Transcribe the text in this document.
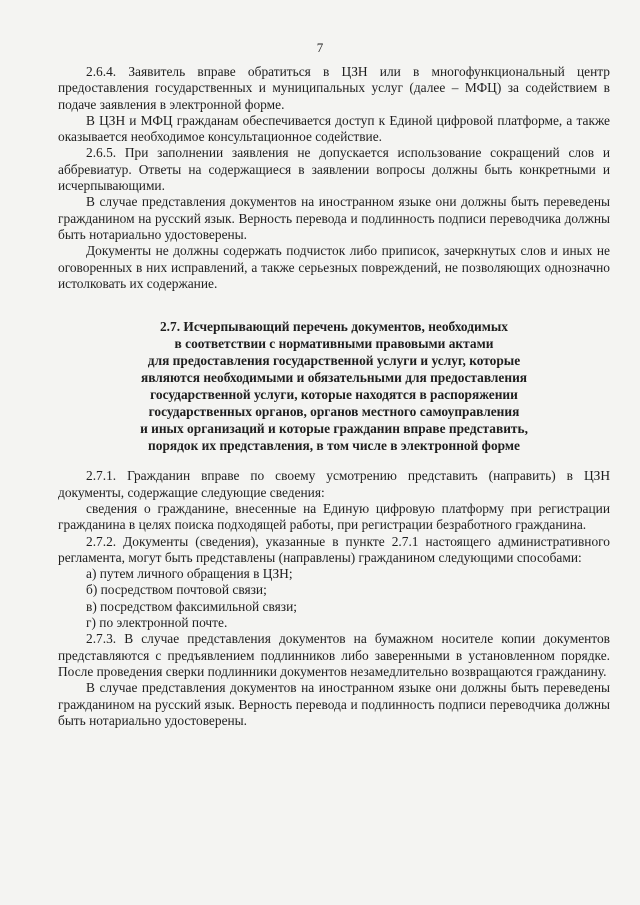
7

2.6.4. Заявитель вправе обратиться в ЦЗН или в многофункциональный центр предоставления государственных и муниципальных услуг (далее – МФЦ) за содействием в подаче заявления в электронной форме.

В ЦЗН и МФЦ гражданам обеспечивается доступ к Единой цифровой платформе, а также оказывается необходимое консультационное содействие.

2.6.5. При заполнении заявления не допускается использование сокращений слов и аббревиатур. Ответы на содержащиеся в заявлении вопросы должны быть конкретными и исчерпывающими.

В случае представления документов на иностранном языке они должны быть переведены гражданином на русский язык. Верность перевода и подлинность подписи переводчика должны быть нотариально удостоверены.

Документы не должны содержать подчисток либо приписок, зачеркнутых слов и иных не оговоренных в них исправлений, а также серьезных повреждений, не позволяющих однозначно истолковать их содержание.

2.7. Исчерпывающий перечень документов, необходимых
в соответствии с нормативными правовыми актами
для предоставления государственной услуги и услуг, которые
являются необходимыми и обязательными для предоставления
государственной услуги, которые находятся в распоряжении
государственных органов, органов местного самоуправления
и иных организаций и которые гражданин вправе представить,
порядок их представления, в том числе в электронной форме

2.7.1. Гражданин вправе по своему усмотрению представить (направить) в ЦЗН документы, содержащие следующие сведения:

сведения о гражданине, внесенные на Единую цифровую платформу при регистрации гражданина в целях поиска подходящей работы, при регистрации безработного гражданина.

2.7.2. Документы (сведения), указанные в пункте 2.7.1 настоящего административного регламента, могут быть представлены (направлены) гражданином следующими способами:

а) путем личного обращения в ЦЗН;

б) посредством почтовой связи;

в) посредством факсимильной связи;

г) по электронной почте.

2.7.3. В случае представления документов на бумажном носителе копии документов представляются с предъявлением подлинников либо заверенными в установленном порядке. После проведения сверки подлинники документов незамедлительно возвращаются гражданину.

В случае представления документов на иностранном языке они должны быть переведены гражданином на русский язык. Верность перевода и подлинность подписи переводчика должны быть нотариально удостоверены.
